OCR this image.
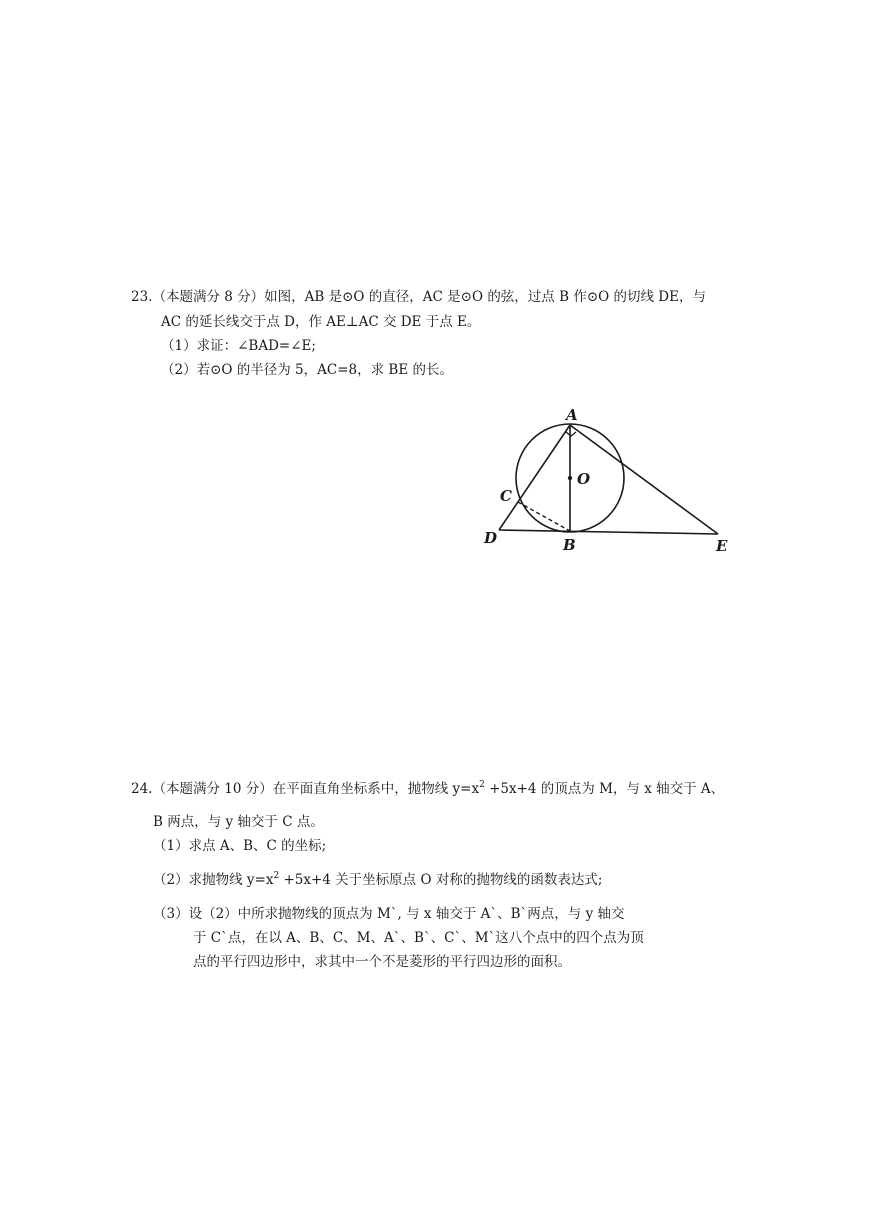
23.（本题满分 8 分）如图，AB 是⊙O 的直径，AC 是⊙O 的弦，过点 B 作⊙O 的切线 DE，与
AC 的延长线交于点 D，作 AE⊥AC 交 DE 于点 E。
（1）求证：∠BAD=∠E;
（2）若⊙O 的半径为 5，AC=8，求 BE 的长。
A
O
C
D	B	E
24.（本题满分 10 分）在平面直角坐标系中，抛物线 $y=x^2 +5x+4$ 的顶点为 M，与 x 轴交于 A、
B 两点，与 y 轴交于 C 点。
（1）求点 A、B、C 的坐标;
（2）求抛物线 $y=x^2 +5x+4$ 关于坐标原点 O 对称的抛物线的函数表达式;
（3）设（2）中所求抛物线的顶点为 M`, 与 x 轴交于 A`、B`两点，与 y 轴交
于 C`点，在以 A、B、C、M、A`、B`、C`、M`这八个点中的四个点为顶
点的平行四边形中，求其中一个不是菱形的平行四边形的面积。
